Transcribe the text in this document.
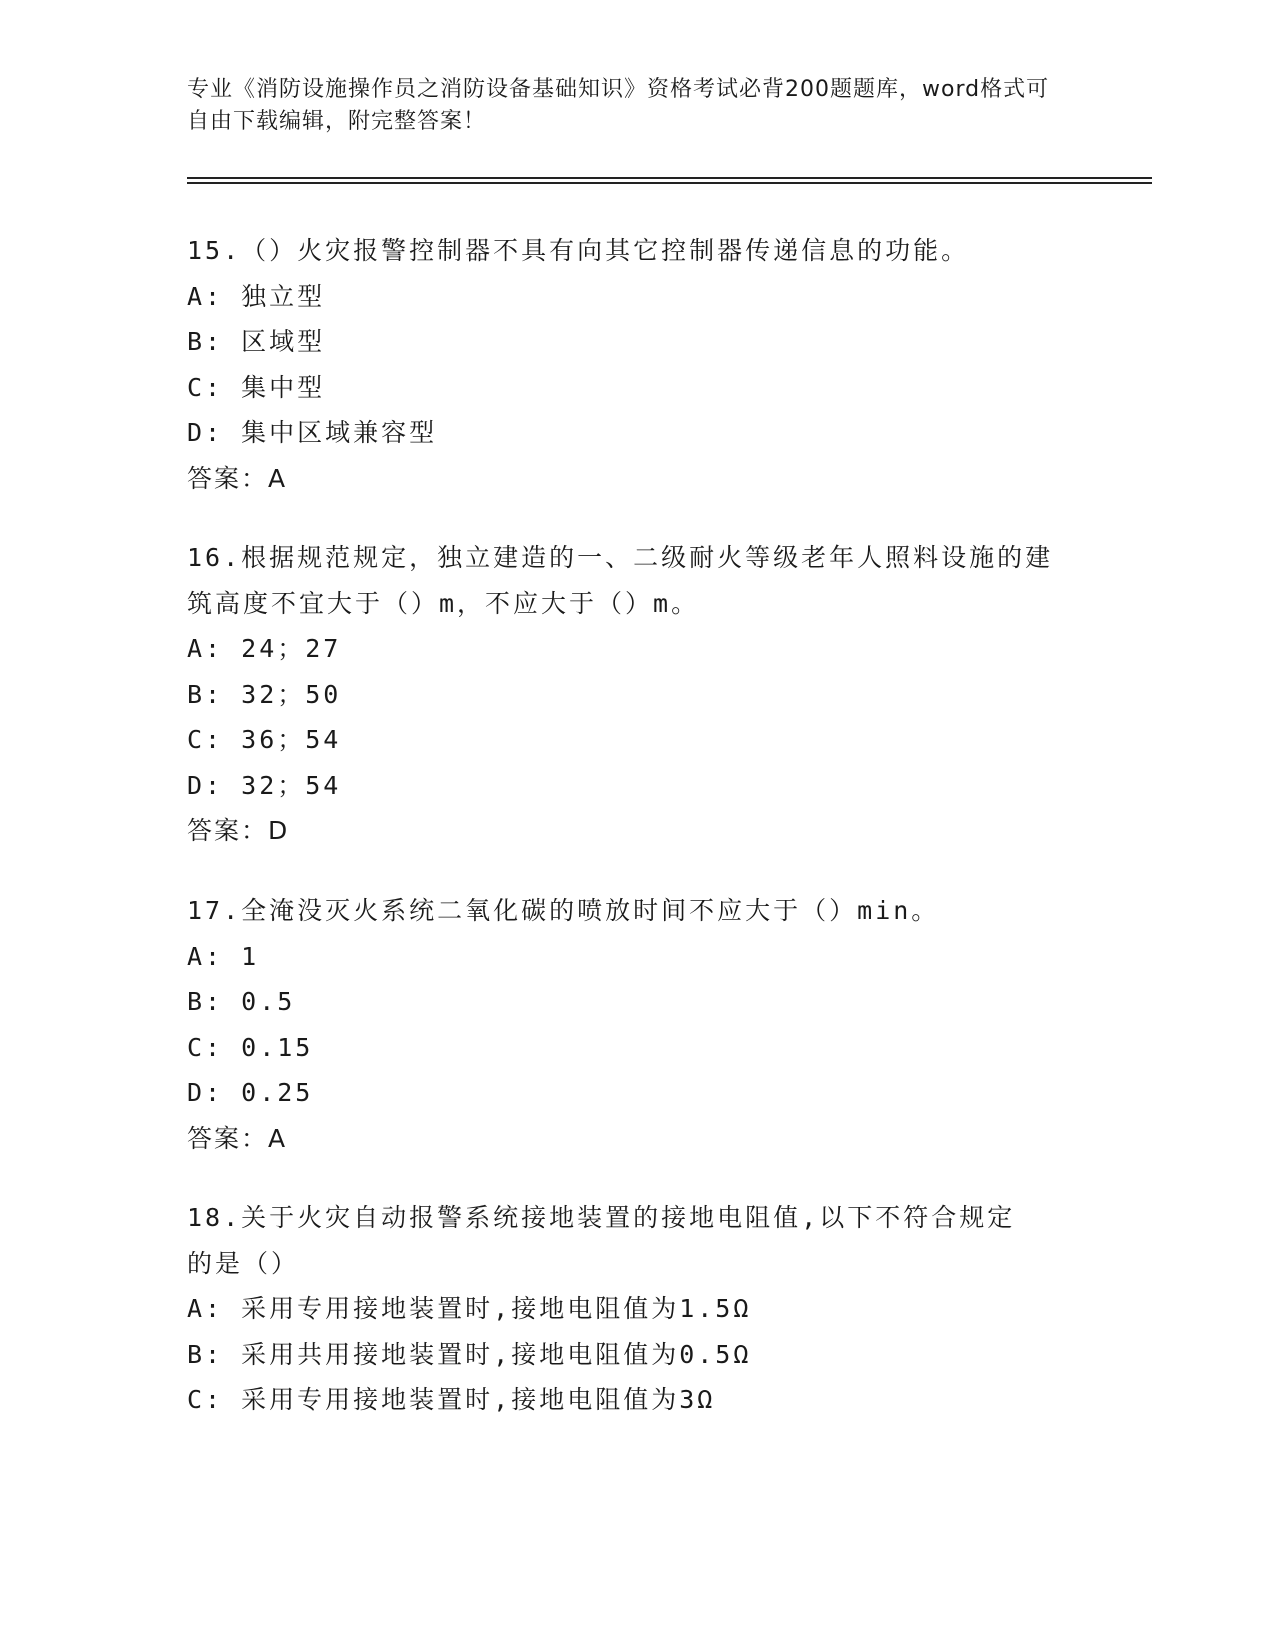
专业《消防设施操作员之消防设备基础知识》资格考试必背200题题库，word格式可自由下载编辑，附完整答案！
15.（）火灾报警控制器不具有向其它控制器传递信息的功能。
A: 独立型
B: 区域型
C: 集中型
D: 集中区域兼容型
答案：A
16.根据规范规定，独立建造的一、二级耐火等级老年人照料设施的建筑高度不宜大于（）m，不应大于（）m。
A: 24；27
B: 32；50
C: 36；54
D: 32；54
答案：D
17.全淹没灭火系统二氧化碳的喷放时间不应大于（）min。
A: 1
B: 0.5
C: 0.15
D: 0.25
答案：A
18.关于火灾自动报警系统接地装置的接地电阻值,以下不符合规定的是（）
A: 采用专用接地装置时,接地电阻值为1.5Ω
B: 采用共用接地装置时,接地电阻值为0.5Ω
C: 采用专用接地装置时,接地电阻值为3Ω
